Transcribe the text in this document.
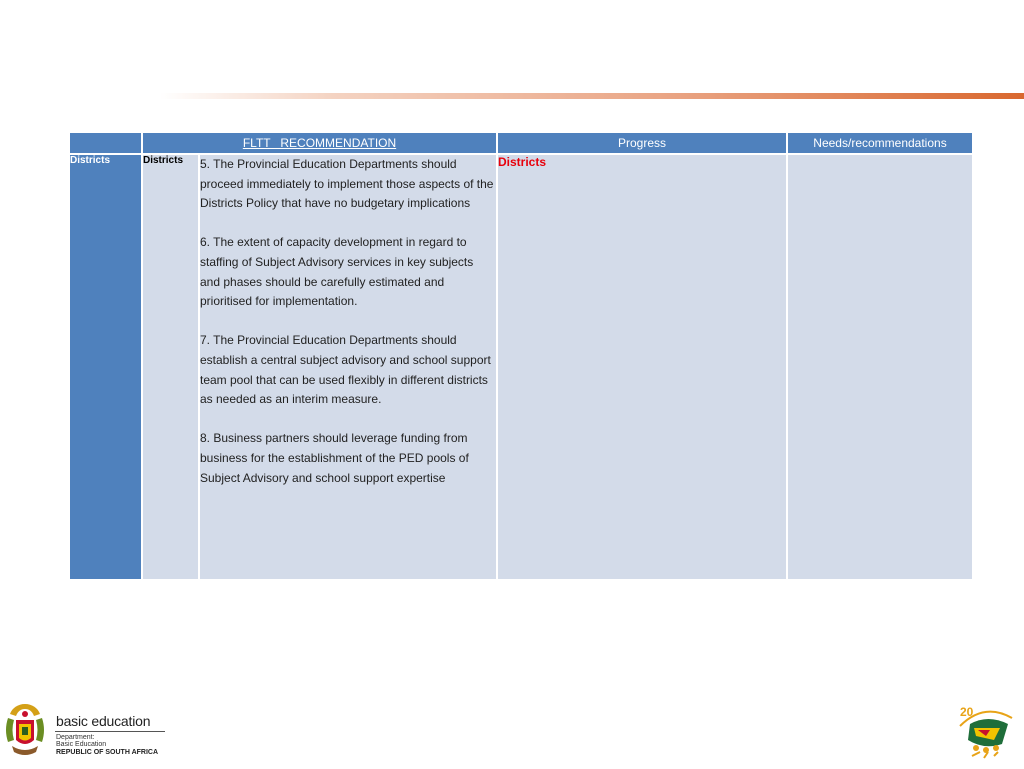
	FLTT   RECOMMENDATION		Progress	Needs/recommendations
Districts	Districts	5. The Provincial Education Departments should proceed immediately to implement those aspects of the Districts Policy that have no budgetary implications

6. The extent of capacity development in regard to staffing of Subject Advisory services in key subjects and phases should be carefully estimated and prioritised for implementation.

7. The Provincial Education Departments should establish a central subject advisory and school support team pool that can be used flexibly in different districts as needed as an interim measure.

8. Business partners should leverage funding from business for the establishment of the PED pools of Subject Advisory and school support expertise	Districts	
basic education
Department:
Basic Education
REPUBLIC OF SOUTH AFRICA
20
